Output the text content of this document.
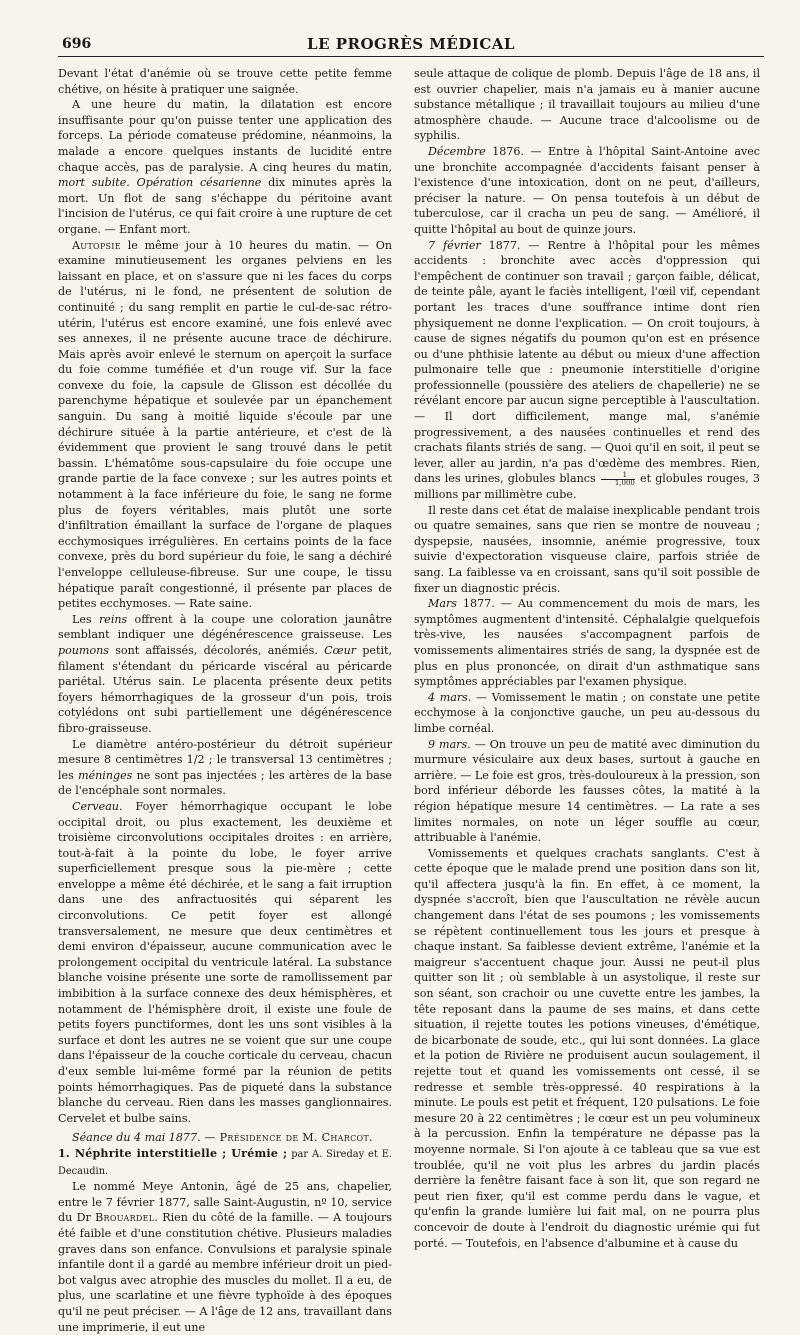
696	LE PROGRÈS MÉDICAL

Devant l'état d'anémie où se trouve cette petite femme chétive, on hésite à pratiquer une saignée.

A une heure du matin, la dilatation est encore insuffisante pour qu'on puisse tenter une application des forceps. La période comateuse prédomine, néanmoins, la malade a encore quelques instants de lucidité entre chaque accès, pas de paralysie. A cinq heures du matin, mort subite. Opération césarienne dix minutes après la mort. Un flot de sang s'échappe du péritoine avant l'incision de l'utérus, ce qui fait croire à une rupture de cet organe. — Enfant mort.

Autopsie le même jour à 10 heures du matin. — On examine minutieusement les organes pelviens en les laissant en place, et on s'assure que ni les faces du corps de l'utérus, ni le fond, ne présentent de solution de continuité ; du sang remplit en partie le cul-de-sac rétro-utérin, l'utérus est encore examiné, une fois enlevé avec ses annexes, il ne présente aucune trace de déchirure. Mais après avoir enlevé le sternum on aperçoit la surface du foie comme tuméfiée et d'un rouge vif. Sur la face convexe du foie, la capsule de Glisson est décollée du parenchyme hépatique et soulevée par un épanchement sanguin. Du sang à moitié liquide s'écoule par une déchirure située à la partie antérieure, et c'est de là évidemment que provient le sang trouvé dans le petit bassin. L'hématôme sous-capsulaire du foie occupe une grande partie de la face convexe ; sur les autres points et notamment à la face inférieure du foie, le sang ne forme plus de foyers véritables, mais plutôt une sorte d'infiltration émaillant la surface de l'organe de plaques ecchymosiques irrégulières. En certains points de la face convexe, près du bord supérieur du foie, le sang a déchiré l'enveloppe celluleuse-fibreuse. Sur une coupe, le tissu hépatique paraît congestionné, il présente par places de petites ecchymoses. — Rate saine.

Les reins offrent à la coupe une coloration jaunâtre semblant indiquer une dégénérescence graisseuse. Les poumons sont affaissés, décolorés, anémiés. Cœur petit, filament s'étendant du péricarde viscéral au péricarde pariétal. Utérus sain. Le placenta présente deux petits foyers hémorrhagiques de la grosseur d'un pois, trois cotylédons ont subi partiellement une dégénérescence fibro-graisseuse.

Le diamètre antéro-postérieur du détroit supérieur mesure 8 centimètres 1/2 ; le transversal 13 centimètres ; les méninges ne sont pas injectées ; les artères de la base de l'encéphale sont normales.

Cerveau. Foyer hémorrhagique occupant le lobe occipital droit, ou plus exactement, les deuxième et troisième circonvolutions occipitales droites : en arrière, tout-à-fait à la pointe du lobe, le foyer arrive superficiellement presque sous la pie-mère ; cette enveloppe a même été déchirée, et le sang a fait irruption dans une des anfractuosités qui séparent les circonvolutions. Ce petit foyer est allongé transversalement, ne mesure que deux centimètres et demi environ d'épaisseur, aucune communication avec le prolongement occipital du ventricule latéral. La substance blanche voisine présente une sorte de ramollissement par imbibition à la surface connexe des deux hémisphères, et notamment de l'hémisphère droit, il existe une foule de petits foyers punctiformes, dont les uns sont visibles à la surface et dont les autres ne se voient que sur une coupe dans l'épaisseur de la couche corticale du cerveau, chacun d'eux semble lui-même formé par la réunion de petits points hémorrhagiques. Pas de piqueté dans la substance blanche du cerveau. Rien dans les masses ganglionnaires. Cervelet et bulbe sains.

Séance du 4 mai 1877. — Présidence de M. Charcot.

1. Néphrite interstitielle ; Urémie ; par A. Sireday et E. Decaudin.

Le nommé Meye Antonin, âgé de 25 ans, chapelier, entre le 7 février 1877, salle Saint-Augustin, nº 10, service du Dr Brouardel. Rien du côté de la famille. — A toujours été faible et d'une constitution chétive. Plusieurs maladies graves dans son enfance. Convulsions et paralysie spinale infantile dont il a gardé au membre inférieur droit un pied-bot valgus avec atrophie des muscles du mollet. Il a eu, de plus, une scarlatine et une fièvre typhoïde à des époques qu'il ne peut préciser. — A l'âge de 12 ans, travaillant dans une imprimerie, il eut une

seule attaque de colique de plomb. Depuis l'âge de 18 ans, il est ouvrier chapelier, mais n'a jamais eu à manier aucune substance métallique ; il travaillait toujours au milieu d'une atmosphère chaude. — Aucune trace d'alcoolisme ou de syphilis.

Décembre 1876. — Entre à l'hôpital Saint-Antoine avec une bronchite accompagnée d'accidents faisant penser à l'existence d'une intoxication, dont on ne peut, d'ailleurs, préciser la nature. — On pensa toutefois à un début de tuberculose, car il cracha un peu de sang. — Amélioré, il quitte l'hôpital au bout de quinze jours.

7 février 1877. — Rentre à l'hôpital pour les mêmes accidents : bronchite avec accès d'oppression qui l'empêchent de continuer son travail ; garçon faible, délicat, de teinte pâle, ayant le faciès intelligent, l'œil vif, cependant portant les traces d'une souffrance intime dont rien physiquement ne donne l'explication. — On croit toujours, à cause de signes négatifs du poumon qu'on est en présence ou d'une phthisie latente au début ou mieux d'une affection pulmonaire telle que : pneumonie interstitielle d'origine professionnelle (poussière des ateliers de chapellerie) ne se révélant encore par aucun signe perceptible à l'auscultation. — Il dort difficilement, mange mal, s'anémie progressivement, a des nausées continuelles et rend des crachats filants striés de sang. — Quoi qu'il en soit, il peut se lever, aller au jardin, n'a pas d'œdème des membres. Rien, dans les urines, globules blancs $\frac{1}{1,000}$ et globules rouges, 3 millions par millimètre cube.

Il reste dans cet état de malaise inexplicable pendant trois ou quatre semaines, sans que rien se montre de nouveau ; dyspepsie, nausées, insomnie, anémie progressive, toux suivie d'expectoration visqueuse claire, parfois striée de sang. La faiblesse va en croissant, sans qu'il soit possible de fixer un diagnostic précis.

Mars 1877. — Au commencement du mois de mars, les symptômes augmentent d'intensité. Céphalalgie quelquefois très-vive, les nausées s'accompagnent parfois de vomissements alimentaires striés de sang, la dyspnée est de plus en plus prononcée, on dirait d'un asthmatique sans symptômes appréciables par l'examen physique.

4 mars. — Vomissement le matin ; on constate une petite ecchymose à la conjonctive gauche, un peu au-dessous du limbe cornéal.

9 mars. — On trouve un peu de matité avec diminution du murmure vésiculaire aux deux bases, surtout à gauche en arrière. — Le foie est gros, très-douloureux à la pression, son bord inférieur déborde les fausses côtes, la matité à la région hépatique mesure 14 centimètres. — La rate a ses limites normales, on note un léger souffle au cœur, attribuable à l'anémie.

Vomissements et quelques crachats sanglants. C'est à cette époque que le malade prend une position dans son lit, qu'il affectera jusqu'à la fin. En effet, à ce moment, la dyspnée s'accroît, bien que l'auscultation ne révèle aucun changement dans l'état de ses poumons ; les vomissements se répètent continuellement tous les jours et presque à chaque instant. Sa faiblesse devient extrême, l'anémie et la maigreur s'accentuent chaque jour. Aussi ne peut-il plus quitter son lit ; où semblable à un asystolique, il reste sur son séant, son crachoir ou une cuvette entre les jambes, la tête reposant dans la paume de ses mains, et dans cette situation, il rejette toutes les potions vineuses, d'émétique, de bicarbonate de soude, etc., qui lui sont données. La glace et la potion de Rivière ne produisent aucun soulagement, il rejette tout et quand les vomissements ont cessé, il se redresse et semble très-oppressé. 40 respirations à la minute. Le pouls est petit et fréquent, 120 pulsations. Le foie mesure 20 à 22 centimètres ; le cœur est un peu volumineux à la percussion. Enfin la température ne dépasse pas la moyenne normale. Si l'on ajoute à ce tableau que sa vue est troublée, qu'il ne voit plus les arbres du jardin placés derrière la fenêtre faisant face à son lit, que son regard ne peut rien fixer, qu'il est comme perdu dans le vague, et qu'enfin la grande lumière lui fait mal, on ne pourra plus concevoir de doute à l'endroit du diagnostic urémie qui fut porté. — Toutefois, en l'absence d'albumine et à cause du
